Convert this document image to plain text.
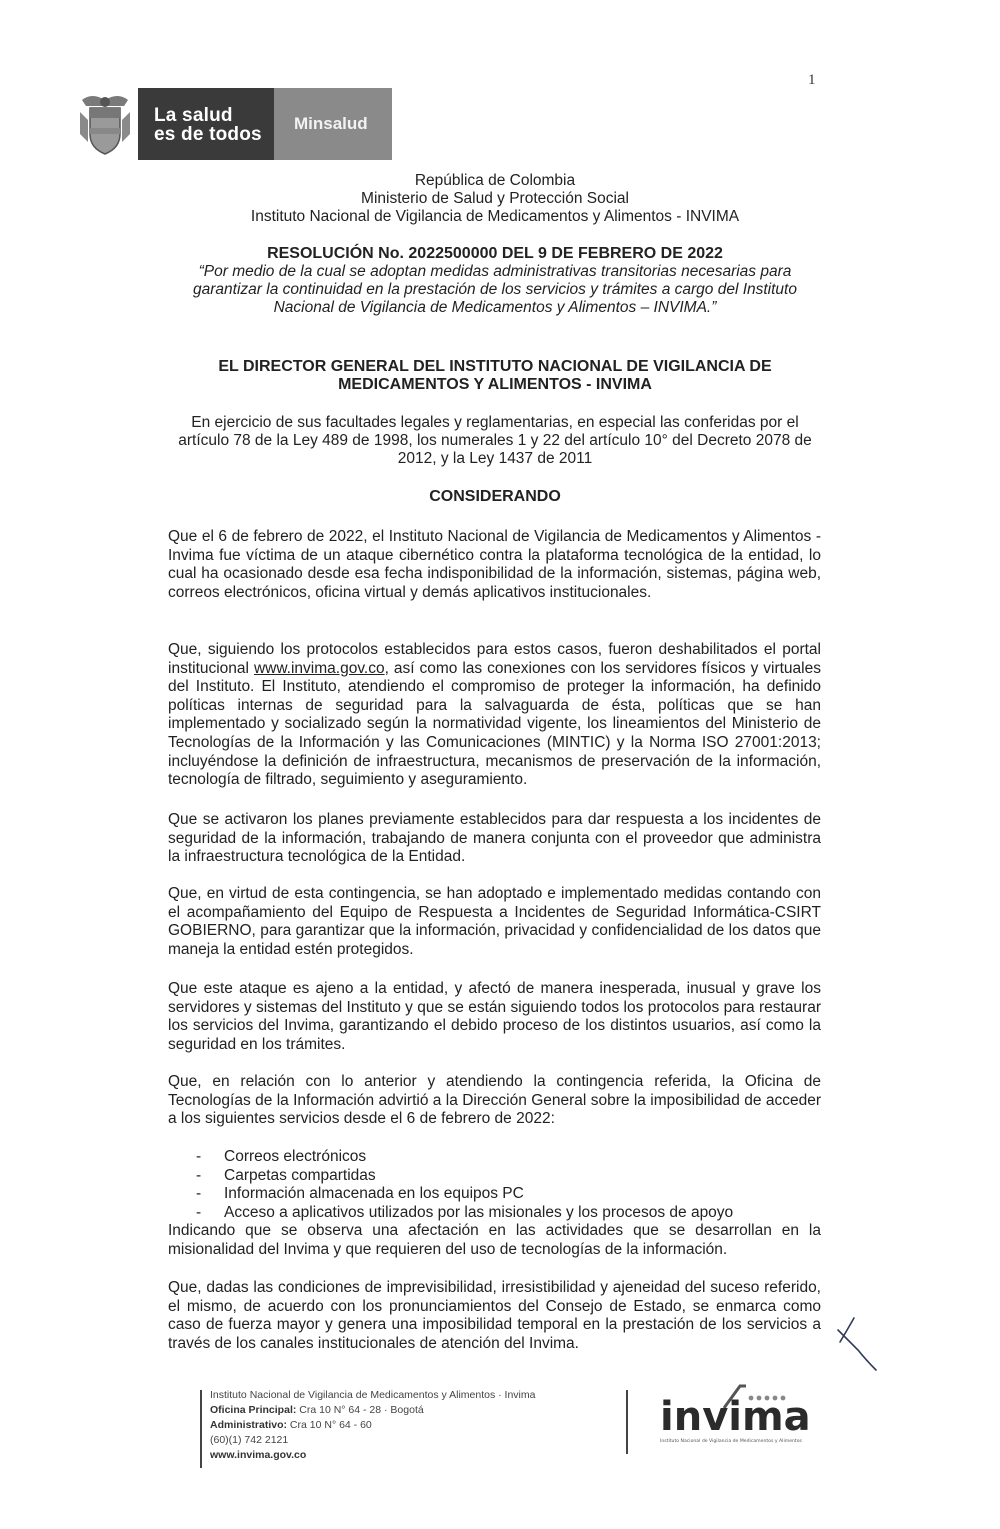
1
La salud
es de todos
Minsalud
República de Colombia
Ministerio de Salud y Protección Social
Instituto Nacional de Vigilancia de Medicamentos y Alimentos - INVIMA
RESOLUCIÓN No. 2022500000 DEL 9 DE FEBRERO DE 2022
“Por medio de la cual se adoptan medidas administrativas transitorias necesarias para garantizar la continuidad en la prestación de los servicios y trámites a cargo del Instituto Nacional de Vigilancia de Medicamentos y Alimentos – INVIMA.”
EL DIRECTOR GENERAL DEL INSTITUTO NACIONAL DE VIGILANCIA DE MEDICAMENTOS Y ALIMENTOS - INVIMA
En ejercicio de sus facultades legales y reglamentarias, en especial las conferidas por el artículo 78 de la Ley 489 de 1998, los numerales 1 y 22 del artículo 10° del Decreto 2078 de 2012, y la Ley 1437 de 2011
CONSIDERANDO
Que el 6 de febrero de 2022, el Instituto Nacional de Vigilancia de Medicamentos y Alimentos - Invima fue víctima de un ataque cibernético contra la plataforma tecnológica de la entidad, lo cual ha ocasionado desde esa fecha indisponibilidad de la información, sistemas, página web, correos electrónicos, oficina virtual y demás aplicativos institucionales.
Que, siguiendo los protocolos establecidos para estos casos, fueron deshabilitados el portal institucional www.invima.gov.co, así como las conexiones con los servidores físicos y virtuales del Instituto. El Instituto, atendiendo el compromiso de proteger la información, ha definido políticas internas de seguridad para la salvaguarda de ésta, políticas que se han implementado y socializado según la normatividad vigente, los lineamientos del Ministerio de Tecnologías de la Información y las Comunicaciones (MINTIC) y la Norma ISO 27001:2013; incluyéndose la definición de infraestructura, mecanismos de preservación de la información, tecnología de filtrado, seguimiento y aseguramiento.
Que se activaron los planes previamente establecidos para dar respuesta a los incidentes de seguridad de la información, trabajando de manera conjunta con el proveedor que administra la infraestructura tecnológica de la Entidad.
Que, en virtud de esta contingencia, se han adoptado e implementado medidas contando con el acompañamiento del Equipo de Respuesta a Incidentes de Seguridad Informática-CSIRT GOBIERNO, para garantizar que la información, privacidad y confidencialidad de los datos que maneja la entidad estén protegidos.
Que este ataque es ajeno a la entidad, y afectó de manera inesperada, inusual y grave los servidores y sistemas del Instituto y que se están siguiendo todos los protocolos para restaurar los servicios del Invima, garantizando el debido proceso de los distintos usuarios, así como la seguridad en los trámites.
Que, en relación con lo anterior y atendiendo la contingencia referida, la Oficina de Tecnologías de la Información advirtió a la Dirección General sobre la imposibilidad de acceder a los siguientes servicios desde el 6 de febrero de 2022:
-	Correos electrónicos
-	Carpetas compartidas
-	Información almacenada en los equipos PC
-	Acceso a aplicativos utilizados por las misionales y los procesos de apoyo
Indicando que se observa una afectación en las actividades que se desarrollan en la misionalidad del Invima y que requieren del uso de tecnologías de la información.
Que, dadas las condiciones de imprevisibilidad, irresistibilidad y ajeneidad del suceso referido, el mismo, de acuerdo con los pronunciamientos del Consejo de Estado, se enmarca como caso de fuerza mayor y genera una imposibilidad temporal en la prestación de los servicios a través de los canales institucionales de atención del Invima.
Instituto Nacional de Vigilancia de Medicamentos y Alimentos · Invima
Oficina Principal: Cra 10 N° 64 - 28 · Bogotá
Administrativo: Cra 10 N° 64 - 60
(60)(1) 742 2121
www.invima.gov.co
invima
Instituto Nacional de Vigilancia de Medicamentos y Alimentos
